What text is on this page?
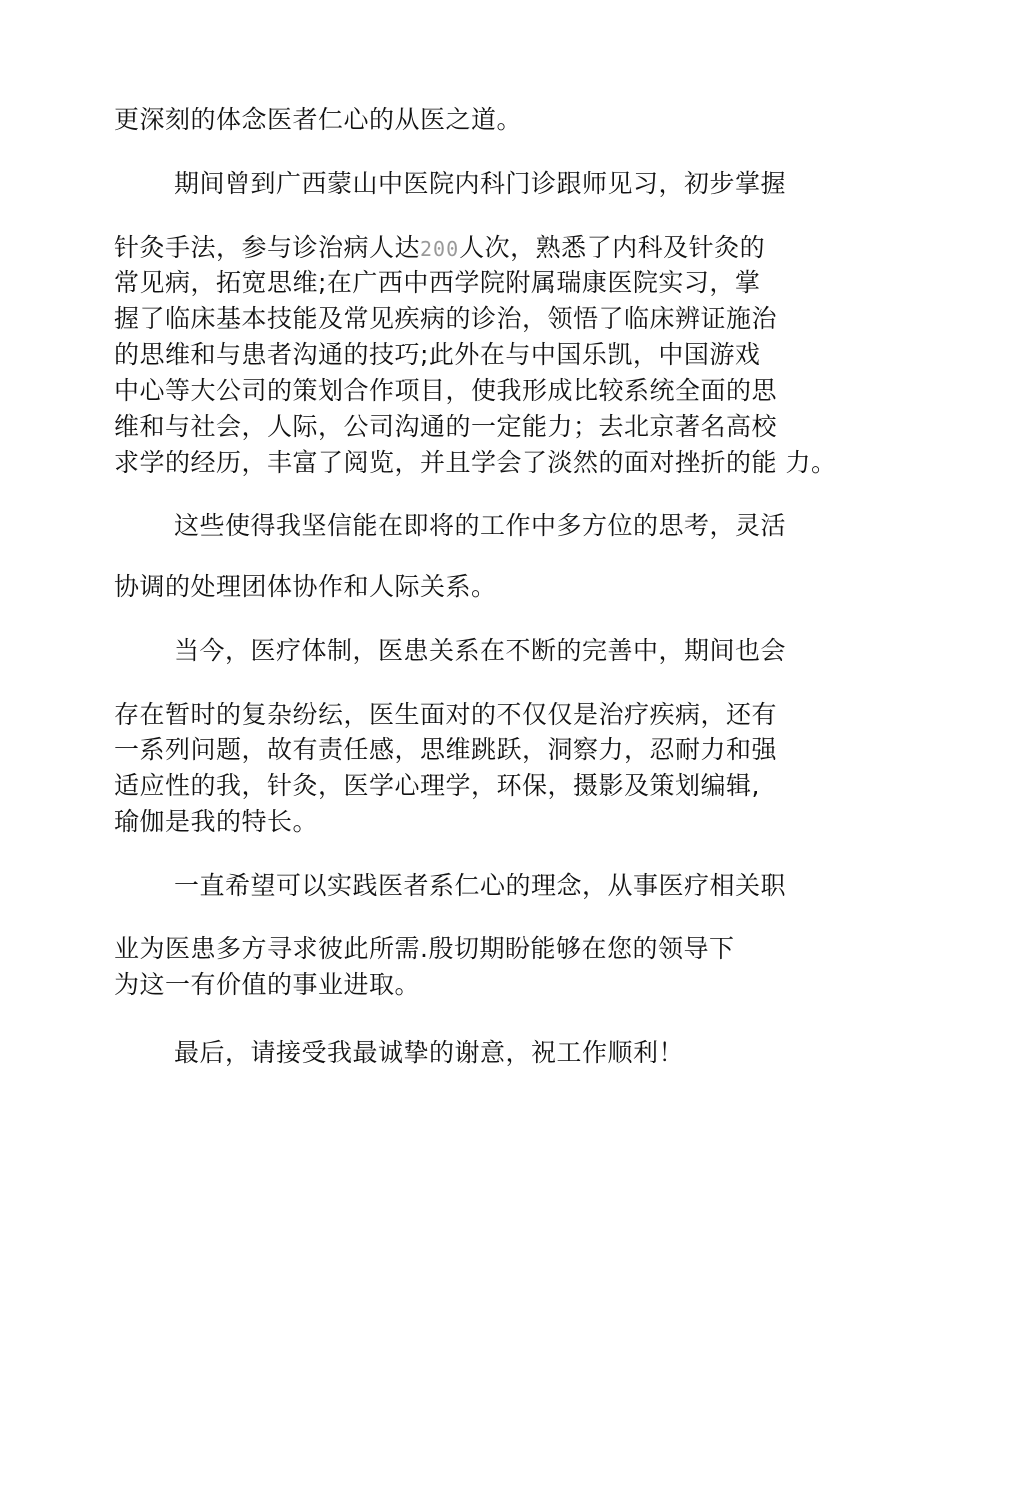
更深刻的体念医者仁心的从医之道。
期间曾到广西蒙山中医院内科门诊跟师见习，初步掌握
针灸手法，参与诊治病人达200人次，熟悉了内科及针灸的
常见病，拓宽思维;在广西中西学院附属瑞康医院实习，掌
握了临床基本技能及常见疾病的诊治，领悟了临床辨证施治
的思维和与患者沟通的技巧;此外在与中国乐凯，中国游戏
中心等大公司的策划合作项目，使我形成比较系统全面的思
维和与社会，人际，公司沟通的一定能力；去北京著名高校
求学的经历，丰富了阅览，并且学会了淡然的面对挫折的能 力。
这些使得我坚信能在即将的工作中多方位的思考，灵活
协调的处理团体协作和人际关系。
当今，医疗体制，医患关系在不断的完善中，期间也会
存在暂时的复杂纷纭，医生面对的不仅仅是治疗疾病，还有
一系列问题，故有责任感，思维跳跃，洞察力，忍耐力和强
适应性的我，针灸，医学心理学，环保，摄影及策划编辑,
瑜伽是我的特长。
一直希望可以实践医者系仁心的理念，从事医疗相关职
业为医患多方寻求彼此所需.殷切期盼能够在您的领导下
为这一有价值的事业进取。
最后，请接受我最诚挚的谢意，祝工作顺利！
